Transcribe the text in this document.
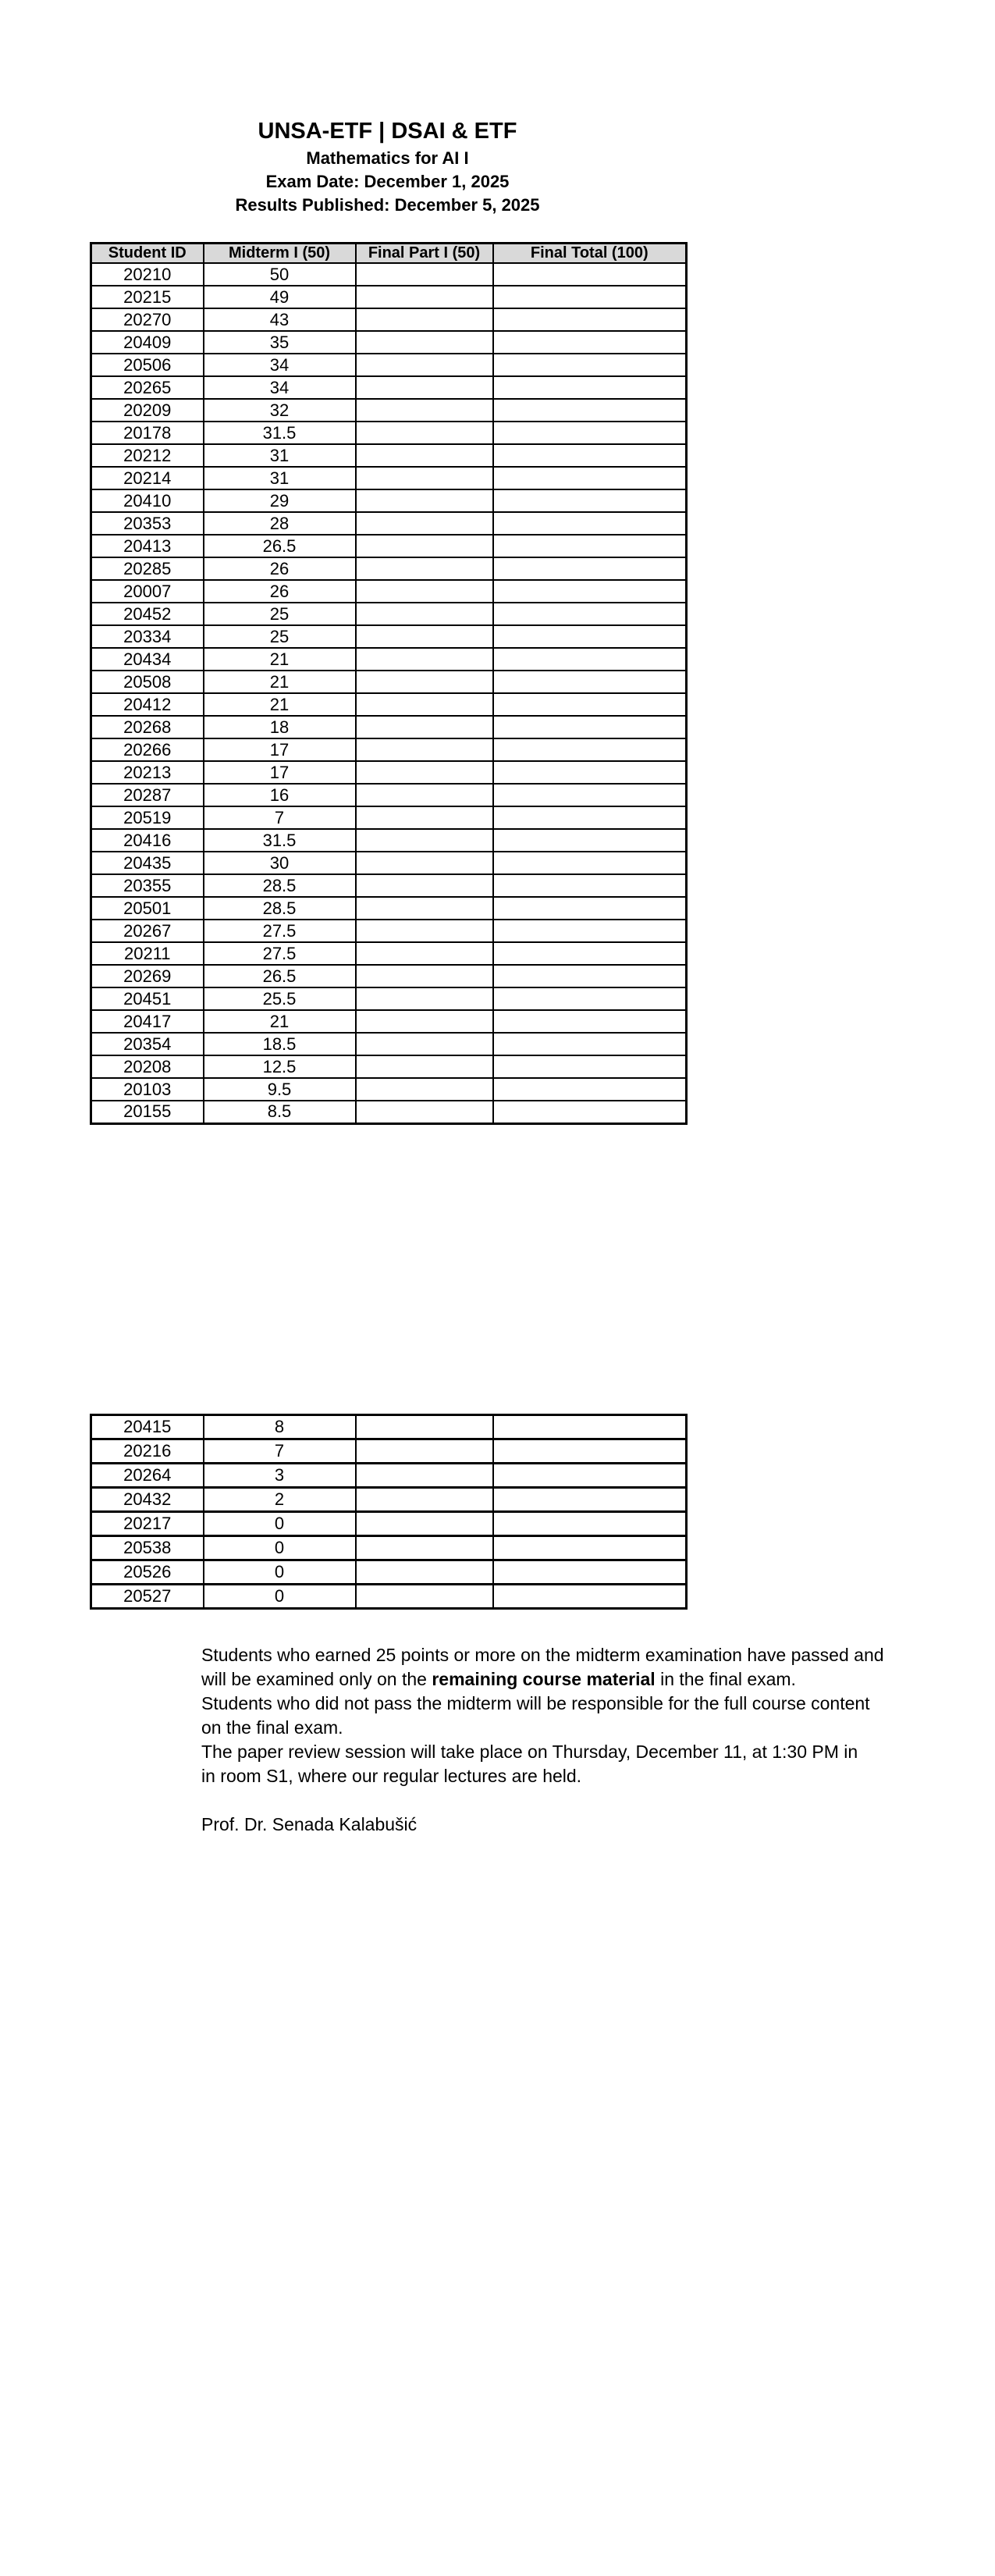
UNSA-ETF | DSAI & ETF
Mathematics for AI I
Exam Date: December 1, 2025
Results Published: December 5, 2025
Student ID	Midterm I (50)	Final Part I (50)	Final Total (100)
20210	50		
20215	49		
20270	43		
20409	35		
20506	34		
20265	34		
20209	32		
20178	31.5		
20212	31		
20214	31		
20410	29		
20353	28		
20413	26.5		
20285	26		
20007	26		
20452	25		
20334	25		
20434	21		
20508	21		
20412	21		
20268	18		
20266	17		
20213	17		
20287	16		
20519	7		
20416	31.5		
20435	30		
20355	28.5		
20501	28.5		
20267	27.5		
20211	27.5		
20269	26.5		
20451	25.5		
20417	21		
20354	18.5		
20208	12.5		
20103	9.5		
20155	8.5		
20415	8		
20216	7		
20264	3		
20432	2		
20217	0		
20538	0		
20526	0		
20527	0		
Students who earned 25 points or more on the midterm examination have passed and
will be examined only on the remaining course material in the final exam.
Students who did not pass the midterm will be responsible for the full course content
on the final exam.
The paper review session will take place on Thursday, December 11, at 1:30 PM in
in room S1, where our regular lectures are held.
Prof. Dr. Senada Kalabušić
